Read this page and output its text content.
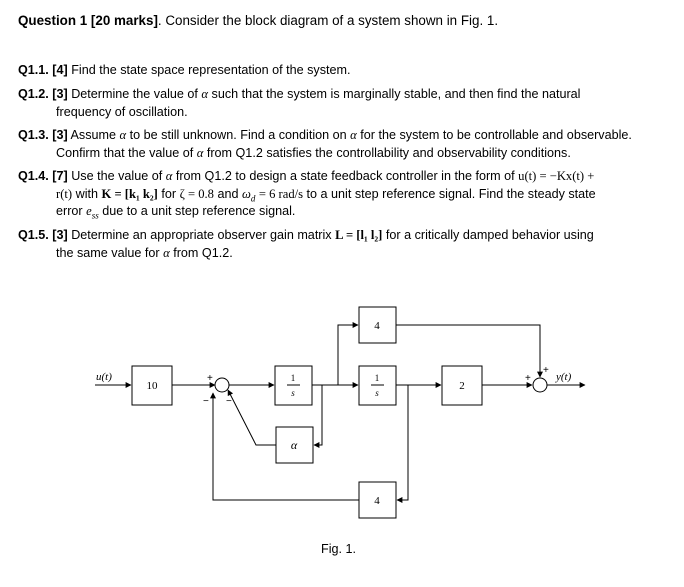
Question 1 [20 marks]. Consider the block diagram of a system shown in Fig. 1.
Q1.1. [4] Find the state space representation of the system.
Q1.2. [3] Determine the value of α such that the system is marginally stable, and then find the natural
frequency of oscillation.
Q1.3. [3] Assume α to be still unknown. Find a condition on α for the system to be controllable and observable.
Confirm that the value of α from Q1.2 satisfies the controllability and observability conditions.
Q1.4. [7] Use the value of α from Q1.2 to design a state feedback controller in the form of u(t) = −Kx(t) +
r(t) with K = [k₁ k₂] for ζ = 0.8 and $\omega_d = 6$ rad/s to a unit step reference signal. Find the steady state
error $e_{ss}$ due to a unit step reference signal.
Q1.5. [3] Determine an appropriate observer gain matrix L = [l₁ l₂] for a critically damped behavior using
the same value for α from Q1.2.
u(t)
10
1
s
1
s
4
4
2
α
y(t)
+
− −
+
+
Fig. 1.
